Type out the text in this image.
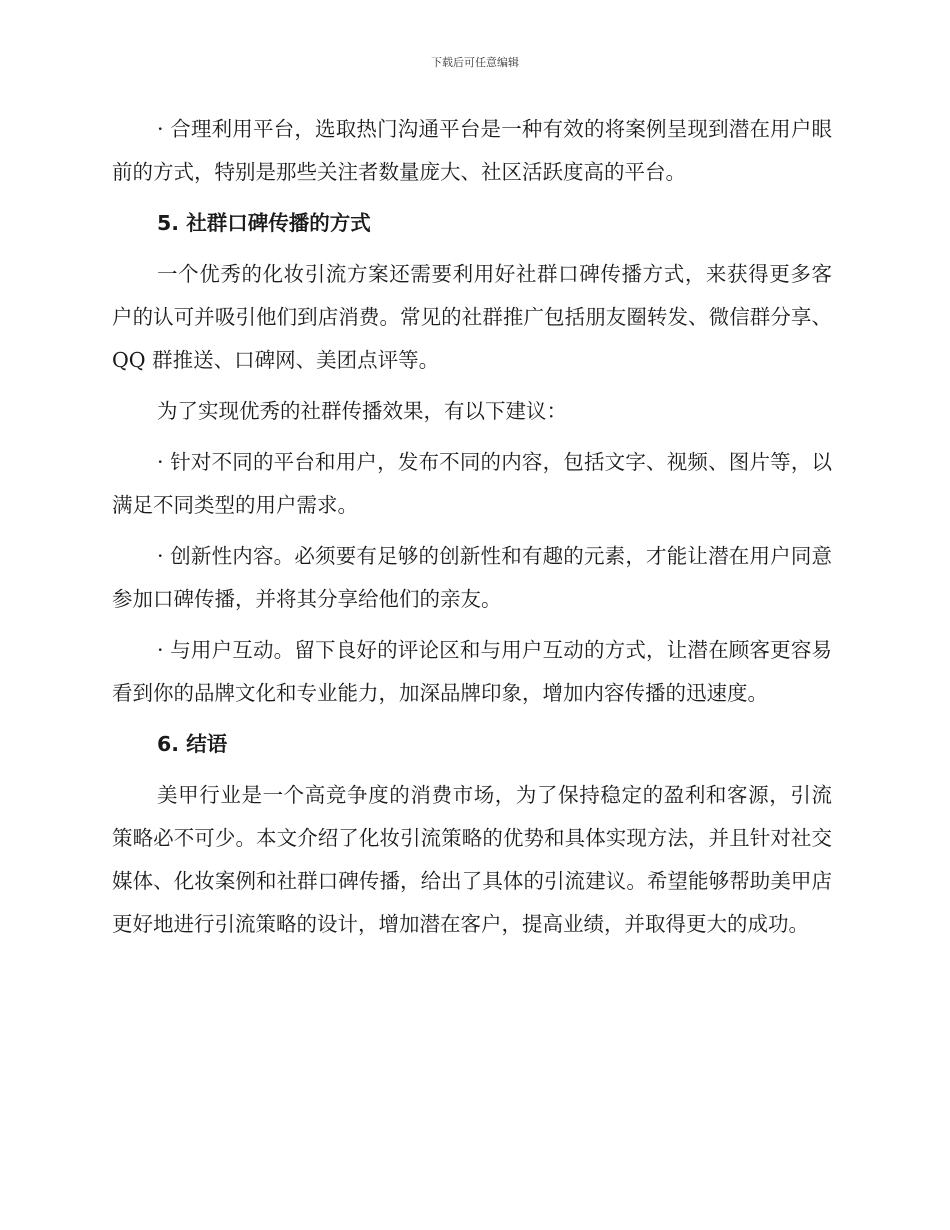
下载后可任意编辑

· 合理利用平台，选取热门沟通平台是一种有效的将案例呈现到潜在用户眼前的方式，特别是那些关注者数量庞大、社区活跃度高的平台。

5. 社群口碑传播的方式

一个优秀的化妆引流方案还需要利用好社群口碑传播方式，来获得更多客户的认可并吸引他们到店消费。常见的社群推广包括朋友圈转发、微信群分享、QQ 群推送、口碑网、美团点评等。

为了实现优秀的社群传播效果，有以下建议：

· 针对不同的平台和用户，发布不同的内容，包括文字、视频、图片等，以满足不同类型的用户需求。

· 创新性内容。必须要有足够的创新性和有趣的元素，才能让潜在用户同意参加口碑传播，并将其分享给他们的亲友。

· 与用户互动。留下良好的评论区和与用户互动的方式，让潜在顾客更容易看到你的品牌文化和专业能力，加深品牌印象，增加内容传播的迅速度。

6. 结语

美甲行业是一个高竞争度的消费市场，为了保持稳定的盈利和客源，引流策略必不可少。本文介绍了化妆引流策略的优势和具体实现方法，并且针对社交媒体、化妆案例和社群口碑传播，给出了具体的引流建议。希望能够帮助美甲店更好地进行引流策略的设计，增加潜在客户，提高业绩，并取得更大的成功。
